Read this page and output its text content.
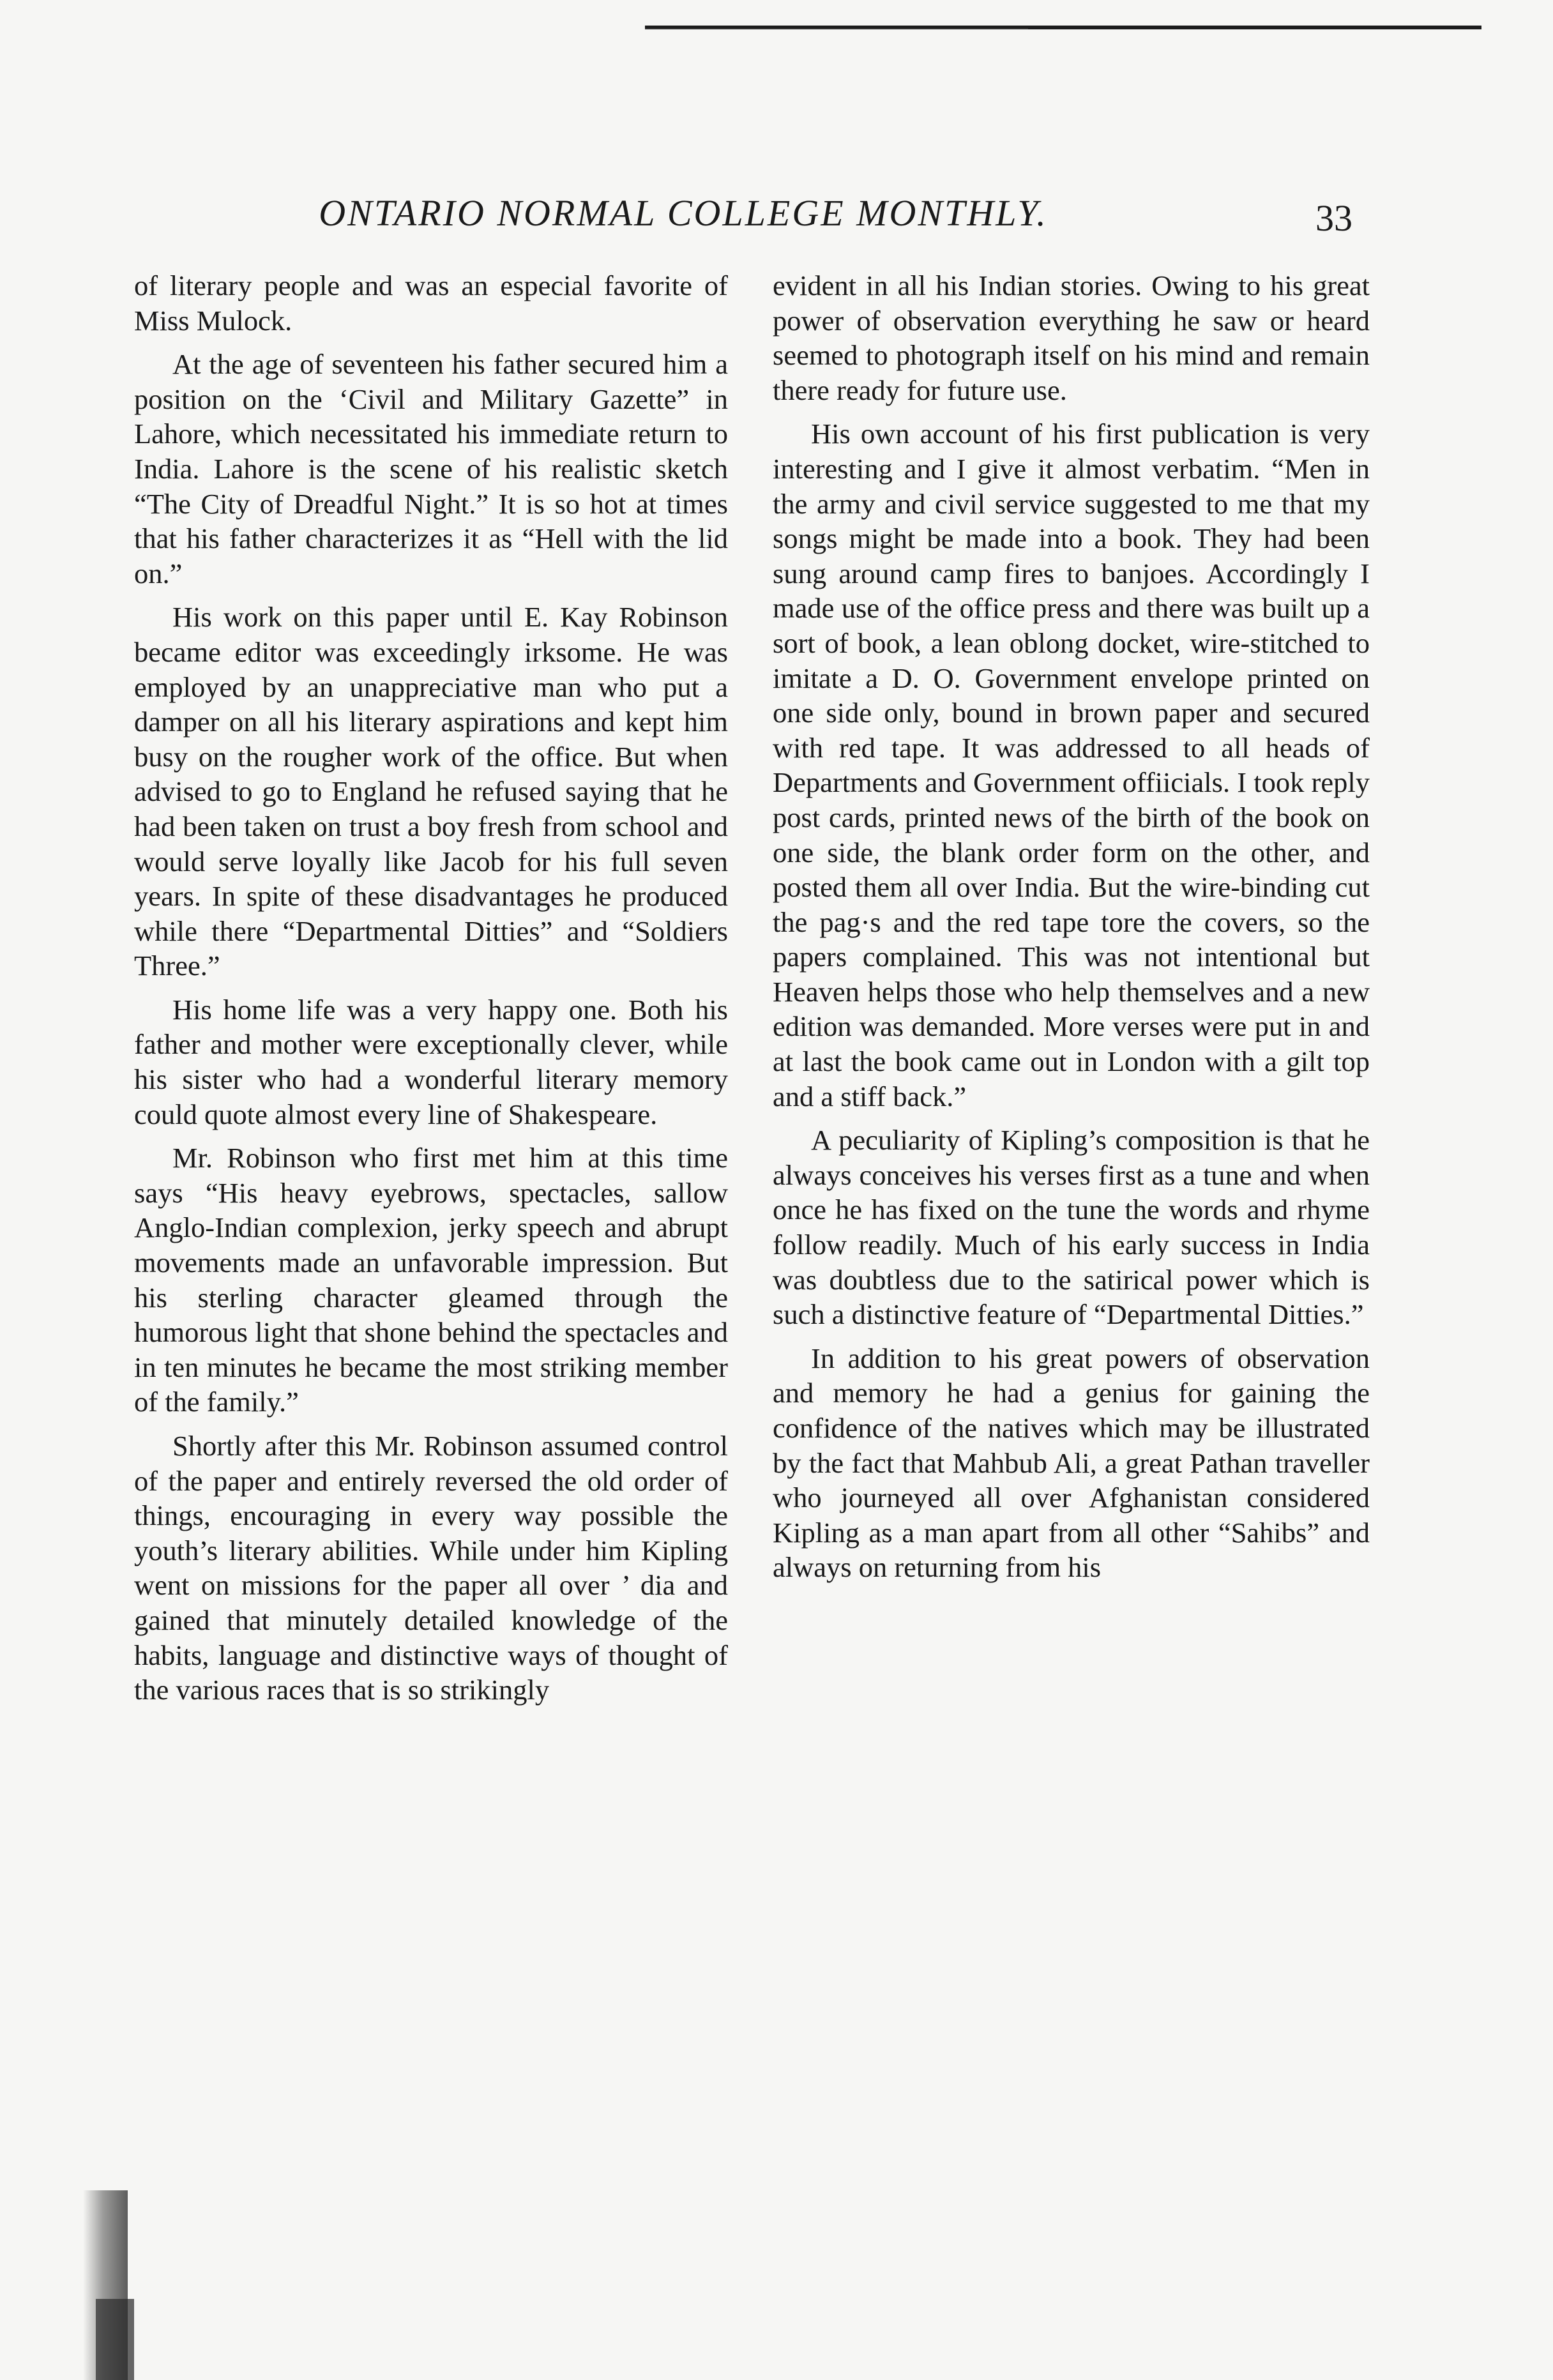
ONTARIO NORMAL COLLEGE MONTHLY.	33

of literary people and was an especial favorite of Miss Mulock.

At the age of seventeen his father secured him a position on the ‘Civil and Military Gazette” in Lahore, which necessitated his immediate return to India. Lahore is the scene of his realistic sketch “The City of Dreadful Night.” It is so hot at times that his father characterizes it as “Hell with the lid on.”

His work on this paper until E. Kay Robinson became editor was exceedingly irksome. He was employed by an unappreciative man who put a damper on all his literary aspirations and kept him busy on the rougher work of the office. But when advised to go to England he refused saying that he had been taken on trust a boy fresh from school and would serve loyally like Jacob for his full seven years. In spite of these disadvantages he produced while there “Departmental Ditties” and “Soldiers Three.”

His home life was a very happy one. Both his father and mother were exceptionally clever, while his sister who had a wonderful literary memory could quote almost every line of Shakespeare.

Mr. Robinson who first met him at this time says “His heavy eyebrows, spectacles, sallow Anglo-Indian complexion, jerky speech and abrupt movements made an unfavorable impression. But his sterling character gleamed through the humorous light that shone behind the spectacles and in ten minutes he became the most striking member of the family.”

Shortly after this Mr. Robinson assumed control of the paper and entirely reversed the old order of things, encouraging in every way possible the youth’s literary abilities. While under him Kipling went on missions for the paper all over ’ dia and gained that minutely detailed knowledge of the habits, language and distinctive ways of thought of the various races that is so strikingly

evident in all his Indian stories. Owing to his great power of observation everything he saw or heard seemed to photograph itself on his mind and remain there ready for future use.

His own account of his first publication is very interesting and I give it almost verbatim. “Men in the army and civil service suggested to me that my songs might be made into a book. They had been sung around camp fires to banjoes. Accordingly I made use of the office press and there was built up a sort of book, a lean oblong docket, wire-stitched to imitate a D. O. Government envelope printed on one side only, bound in brown paper and secured with red tape. It was addressed to all heads of Departments and Government offiicials. I took reply post cards, printed news of the birth of the book on one side, the blank order form on the other, and posted them all over India. But the wire-binding cut the pag·s and the red tape tore the covers, so the papers complained. This was not intentional but Heaven helps those who help themselves and a new edition was demanded. More verses were put in and at last the book came out in London with a gilt top and a stiff back.”

A peculiarity of Kipling’s composition is that he always conceives his verses first as a tune and when once he has fixed on the tune the words and rhyme follow readily. Much of his early success in India was doubtless due to the satirical power which is such a distinctive feature of “Departmental Ditties.”

In addition to his great powers of observation and memory he had a genius for gaining the confidence of the natives which may be illustrated by the fact that Mahbub Ali, a great Pathan traveller who journeyed all over Afghanistan considered Kipling as a man apart from all other “Sahibs” and always on returning from his
